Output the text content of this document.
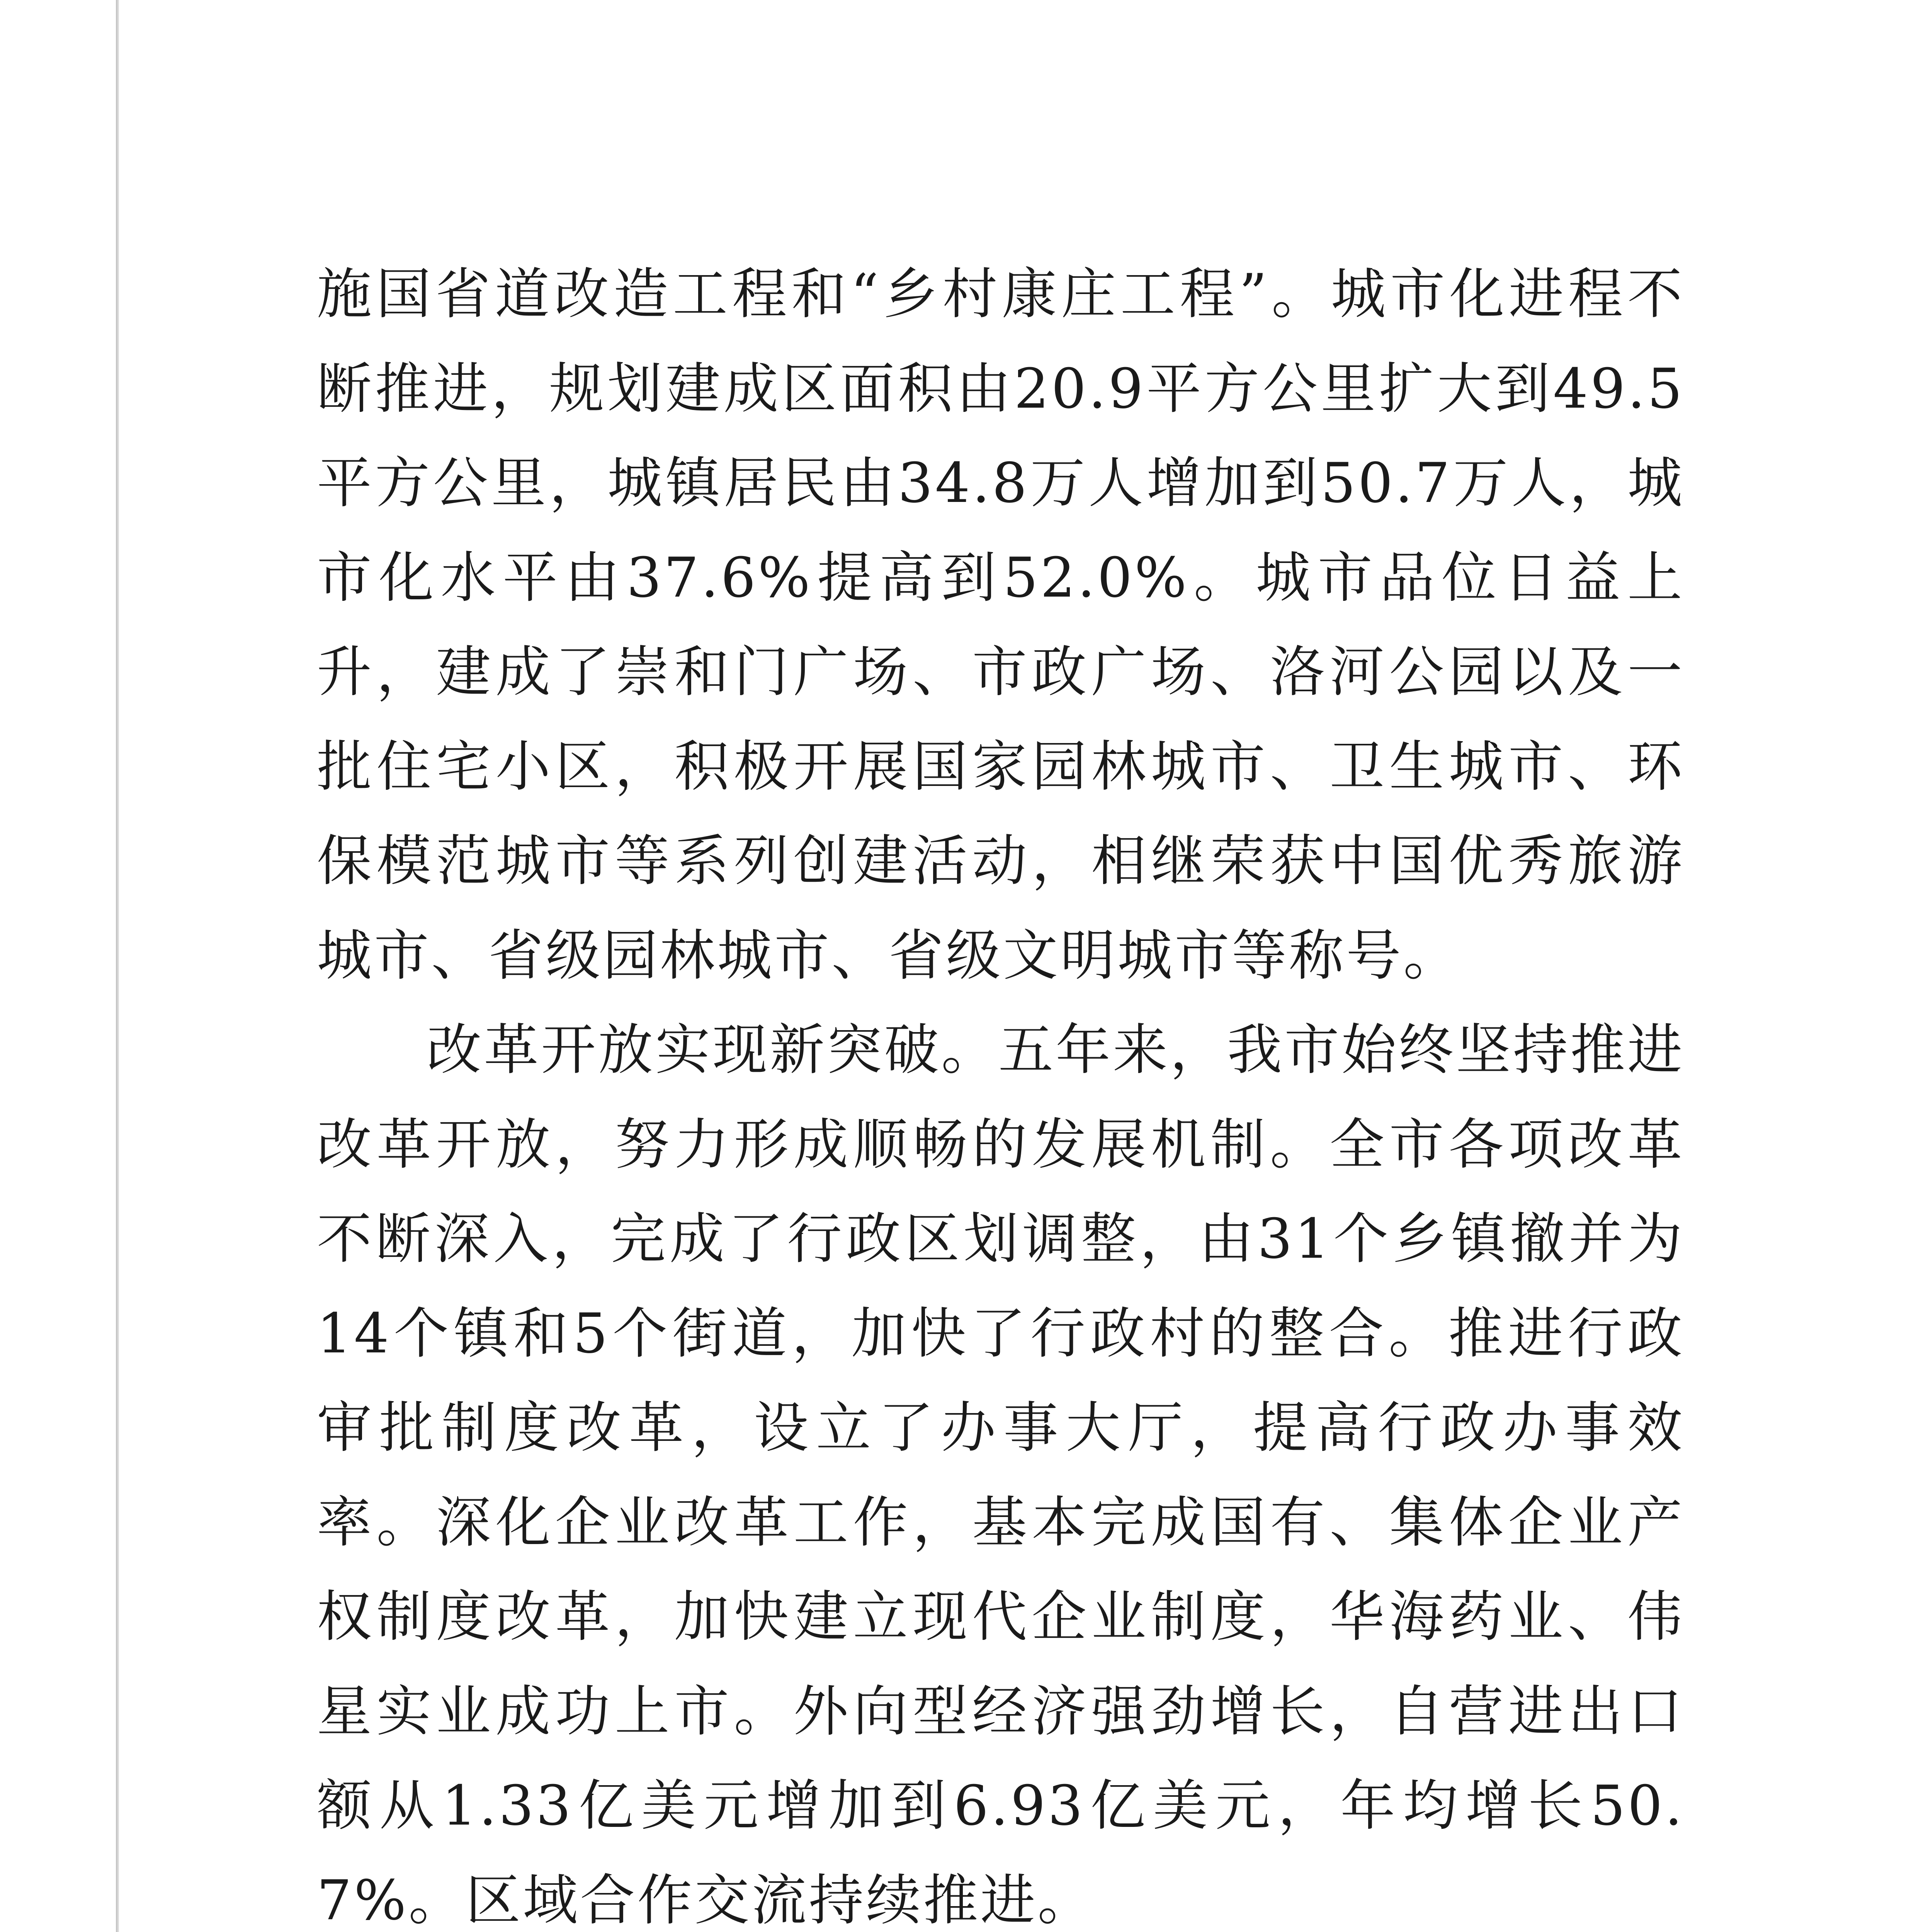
施国省道改造工程和“乡村康庄工程”。城市化进程不断推进，规划建成区面积由20.9平方公里扩大到49.5平方公里，城镇居民由34.8万人增加到50.7万人，城市化水平由37.6%提高到52.0%。城市品位日益上升，建成了崇和门广场、市政广场、洛河公园以及一批住宅小区，积极开展国家园林城市、卫生城市、环保模范城市等系列创建活动，相继荣获中国优秀旅游城市、省级园林城市、省级文明城市等称号。

改革开放实现新突破。五年来，我市始终坚持推进改革开放，努力形成顺畅的发展机制。全市各项改革不断深入，完成了行政区划调整，由31个乡镇撤并为14个镇和5个街道，加快了行政村的整合。推进行政审批制度改革，设立了办事大厅，提高行政办事效率。深化企业改革工作，基本完成国有、集体企业产权制度改革，加快建立现代企业制度，华海药业、伟星实业成功上市。外向型经济强劲增长，自营进出口额从1.33亿美元增加到6.93亿美元，年均增长50.7%。区域合作交流持续推进。
